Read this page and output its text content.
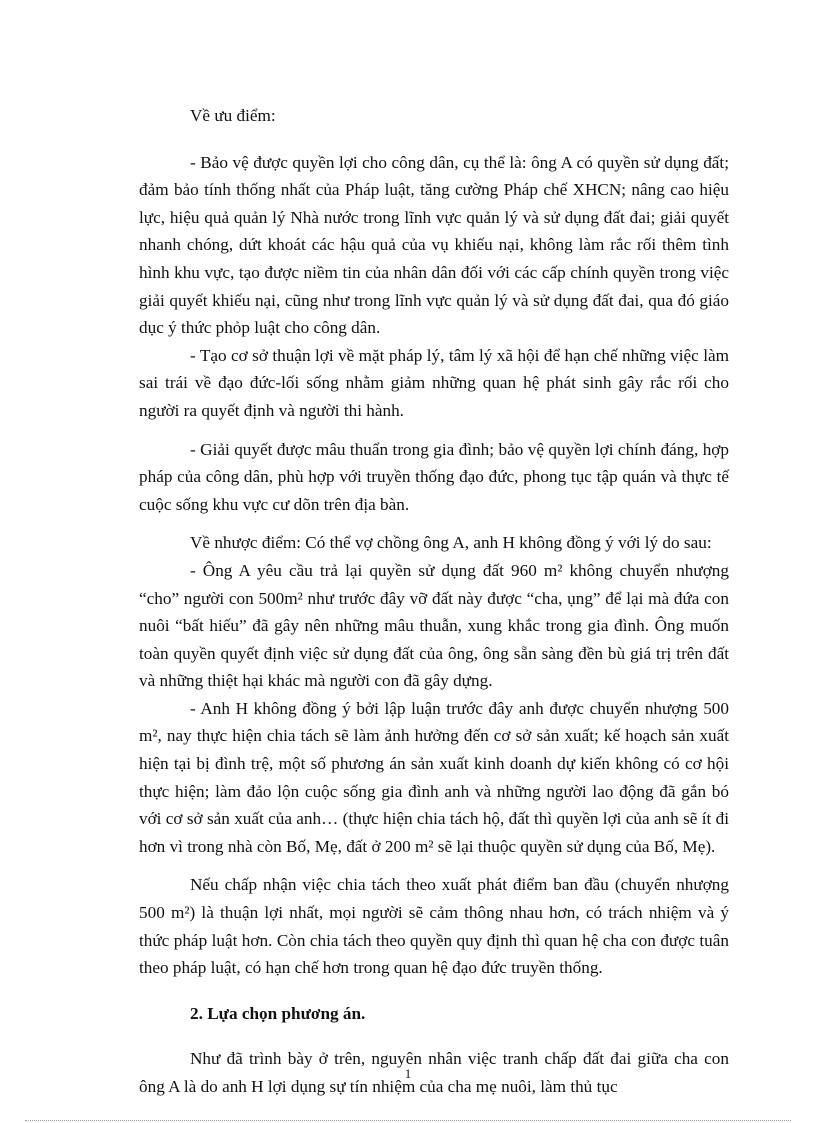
Về ưu điểm:

- Bảo vệ được quyền lợi cho công dân, cụ thể là: ông A có quyền sử dụng đất; đảm bảo tính thống nhất của Pháp luật, tăng cường Pháp chế XHCN; nâng cao hiệu lực, hiệu quả quản lý Nhà nước trong lĩnh vực quản lý và sử dụng đất đai; giải quyết nhanh chóng, dứt khoát các hậu quả của vụ khiếu nại, không làm rắc rối thêm tình hình khu vực, tạo được niềm tin của nhân dân đối với các cấp chính quyền trong việc giải quyết khiếu nại, cũng như trong lĩnh vực quản lý và sử dụng đất đai, qua đó giáo dục ý thức phỏp luật cho công dân.

- Tạo cơ sở thuận lợi về mặt pháp lý, tâm lý xã hội để hạn chế những việc làm sai trái về đạo đức-lối sống nhằm giảm những quan hệ phát sinh gây rắc rối cho người ra quyết định và người thi hành.

- Giải quyết được mâu thuẩn trong gia đình; bảo vệ quyền lợi chính đáng, hợp pháp của công dân, phù hợp với truyền thống đạo đức, phong tục tập quán và thực tế cuộc sống khu vực cư dõn trên địa bàn.

Về nhược điểm: Có thể vợ chồng ông A, anh H không đồng ý với lý do sau:

- Ông A yêu cầu trả lại quyền sử dụng đất 960 m² không chuyển nhượng “cho” người con 500m² như trước đây vỡ đất này được “cha, ụng” để lại mà đứa con nuôi “bất hiếu” đã gây nên những mâu thuẫn, xung khắc trong gia đình. Ông muốn toàn quyền quyết định việc sử dụng đất của ông, ông sẵn sàng đền bù giá trị trên đất và những thiệt hại khác mà người con đã gây dựng.

- Anh H không đồng ý bởi lập luận trước đây anh được chuyển nhượng 500 m², nay thực hiện chia tách sẽ làm ảnh hưởng đến cơ sở sản xuất; kế hoạch sản xuất hiện tại bị đình trệ, một số phương án sản xuất kinh doanh dự kiến không có cơ hội thực hiện; làm đảo lộn cuộc sống gia đình anh và những người lao động đã gắn bó với cơ sở sản xuất của anh… (thực hiện chia tách hộ, đất thì quyền lợi của anh sẽ ít đi hơn vì trong nhà còn Bố, Mẹ, đất ở 200 m² sẽ lại thuộc quyền sử dụng của Bố, Mẹ).

Nếu chấp nhận việc chia tách theo xuất phát điểm ban đầu (chuyển nhượng 500 m²) là thuận lợi nhất, mọi người sẽ cảm thông nhau hơn, có trách nhiệm và ý thức pháp luật hơn. Còn chia tách theo quyền quy định thì quan hệ cha con được tuân theo pháp luật, có hạn chế hơn trong quan hệ đạo đức truyền thống.

2. Lựa chọn phương án.

Như đã trình bày ở trên, nguyên nhân việc tranh chấp đất đai giữa cha con ông A là do anh H lợi dụng sự tín nhiệm của cha mẹ nuôi, làm thủ tục

1
